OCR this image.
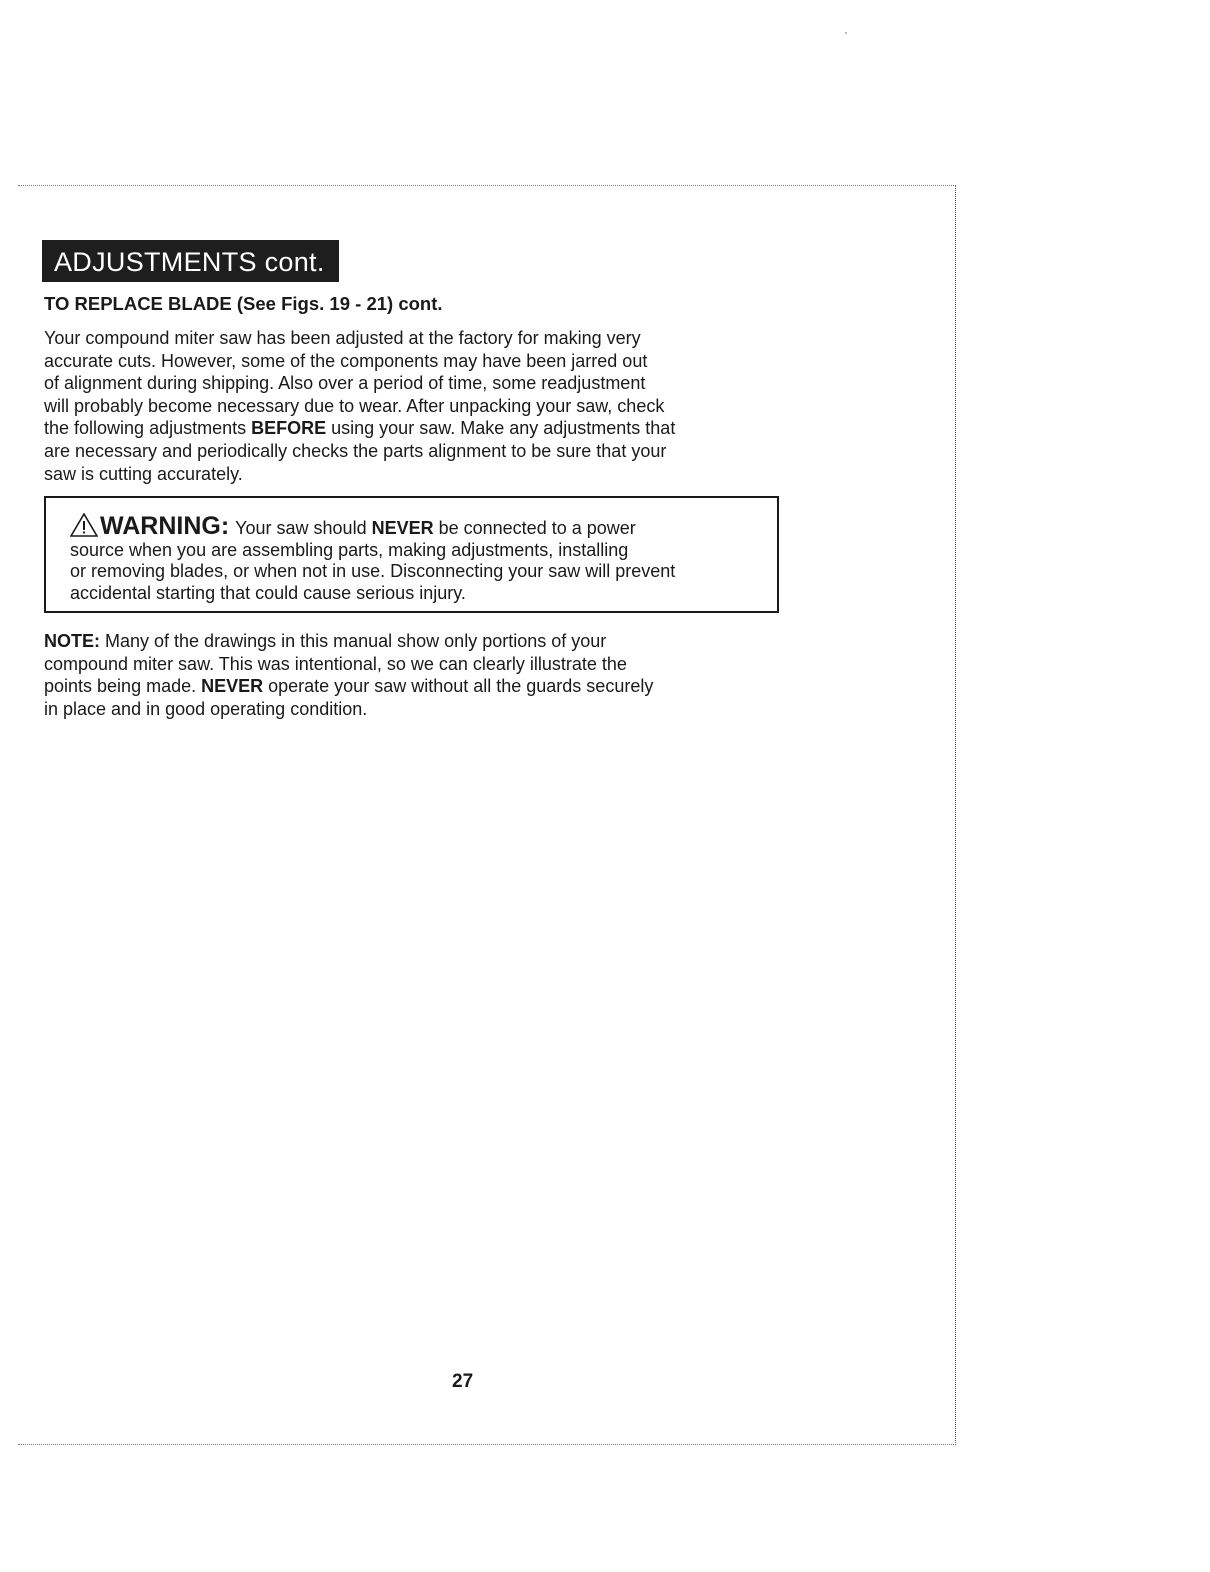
ADJUSTMENTS cont.
TO REPLACE BLADE (See Figs. 19 - 21) cont.
Your compound miter saw has been adjusted at the factory for making very
accurate cuts. However, some of the components may have been jarred out
of alignment during shipping. Also over a period of time, some readjustment
will probably become necessary due to wear. After unpacking your saw, check
the following adjustments BEFORE using your saw. Make any adjustments that
are necessary and periodically checks the parts alignment to be sure that your
saw is cutting accurately.
WARNING: Your saw should NEVER be connected to a power
source when you are assembling parts, making adjustments, installing
or removing blades, or when not in use. Disconnecting your saw will prevent
accidental starting that could cause serious injury.
NOTE: Many of the drawings in this manual show only portions of your
compound miter saw. This was intentional, so we can clearly illustrate the
points being made. NEVER operate your saw without all the guards securely
in place and in good operating condition.
27
